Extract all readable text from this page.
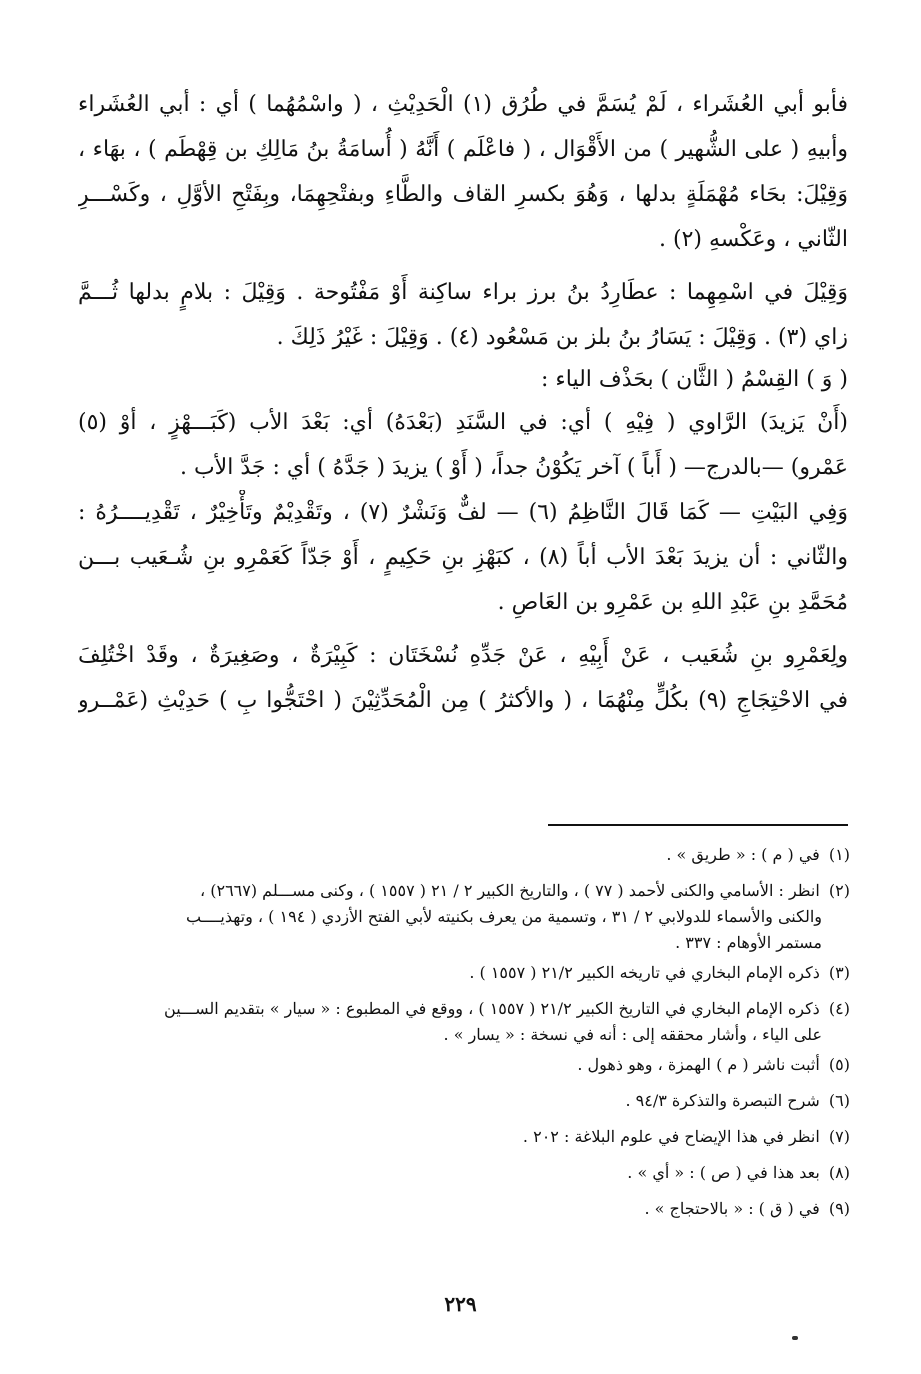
فأبو أبي العُشَراء ، لَمْ يُسَمَّ في طُرُق (١) الْحَدِيْثِ ، ( واسْمُهُما ) أي : أبي العُشَراء
وأبيهِ ( على الشُّهير ) من الأَقْوَال ، ( فاعْلَم ) أَنَّهُ ( أُسامَةُ بنُ مَالِكِ بن قِهْطَم ) ، بهَاء ،
وَقِيْلَ: بحَاء مُهْمَلَةٍ بدلها ، وَهُوَ بكسرِ القاف والطَّاءِ وبفتْحِهِمَا، وبِفَتْحِ الأوَّلِ ، وكَسْـــرِ
الثّاني ، وعَكْسهِ (٢) .
وَقِيْلَ في اسْمِهِما : عطَارِدُ بنُ برز براء ساكِنة أَوْ مَفْتُوحة . وَقِيْلَ : بلامٍ بدلها ثُـــمَّ
زاي (٣) . وَقِيْلَ : يَسَارُ بنُ بلز بن مَسْعُود (٤) . وَقِيْلَ : غَيْرُ ذَلِكَ .
( وَ ) القِسْمُ ( الثَّان ) بحَذْف الياء :
(أَنْ يَزيدَ) الرَّاوي ( فِيْهِ ) أي: في السَّنَدِ (بَعْدَهُ) أي: بَعْدَ الأب (كَبَـــهْزٍ ، أوْ (٥)
عَمْرو) —بالدرج— ( أَباً ) آخر يَكُوْنُ جداً، ( أَوْ ) يزيدَ ( جَدَّهُ ) أي : جَدَّ الأب .
وَفِي البَيْتِ — كَمَا قَالَ النَّاظِمُ (٦) — لفٌّ وَنَشْرٌ (٧) ، وتَقْدِيْمٌ وتَأْخِيْرٌ ، تَقْدِيــــرُهُ :
والثّاني : أن يزيدَ بَعْدَ الأب أباً (٨) ، كبَهْزِ بنِ حَكِيمٍ ، أَوْ جَدّاً كَعَمْرِو بنِ شُـعَيب بـــن
مُحَمَّدِ بنِ عَبْدِ اللهِ بن عَمْرِو بن العَاصِ .
ولِعَمْرِو بنِ شُعَيب ، عَنْ أَبِيْهِ ، عَنْ جَدِّهِ نُسْخَتَان : كَبِيْرَةٌ ، وصَغِيرَةٌ ، وقَدْ اخْتُلِفَ
في الاحْتِجَاجِ (٩) بكُلٍّ مِنْهُمَا ، ( والأكثرُ ) مِن الْمُحَدِّثِيْنَ ( احْتَجُّوا بِ ) حَدِيْثِ (عَمْــرو
(١) في ( م ) : « طريق » .
(٢) انظر : الأسامي والكنى لأحمد ( ٧٧ ) ، والتاريخ الكبير ٢ / ٢١ ( ١٥٥٧ ) ، وكنى مســـلم (٢٦٦٧) ،
والكنى والأسماء للدولابي ٢ / ٣١ ، وتسمية من يعرف بكنيته لأبي الفتح الأزدي ( ١٩٤ ) ، وتهذيــــب
مستمر الأوهام : ٣٣٧ .
(٣) ذكره الإمام البخاري في تاريخه الكبير ٢١/٢ ( ١٥٥٧ ) .
(٤) ذكره الإمام البخاري في التاريخ الكبير ٢١/٢ ( ١٥٥٧ ) ، ووقع في المطبوع : « سيار » بتقديم الســـين
على الياء ، وأشار محققه إلى : أنه في نسخة : « يسار » .
(٥) أثبت ناشر ( م ) الهمزة ، وهو ذهول .
(٦) شرح التبصرة والتذكرة ٩٤/٣ .
(٧) انظر في هذا الإيضاح في علوم البلاغة : ٢٠٢ .
(٨) بعد هذا في ( ص ) : « أي » .
(٩) في ( ق ) : « بالاحتجاج » .
٢٢٩
